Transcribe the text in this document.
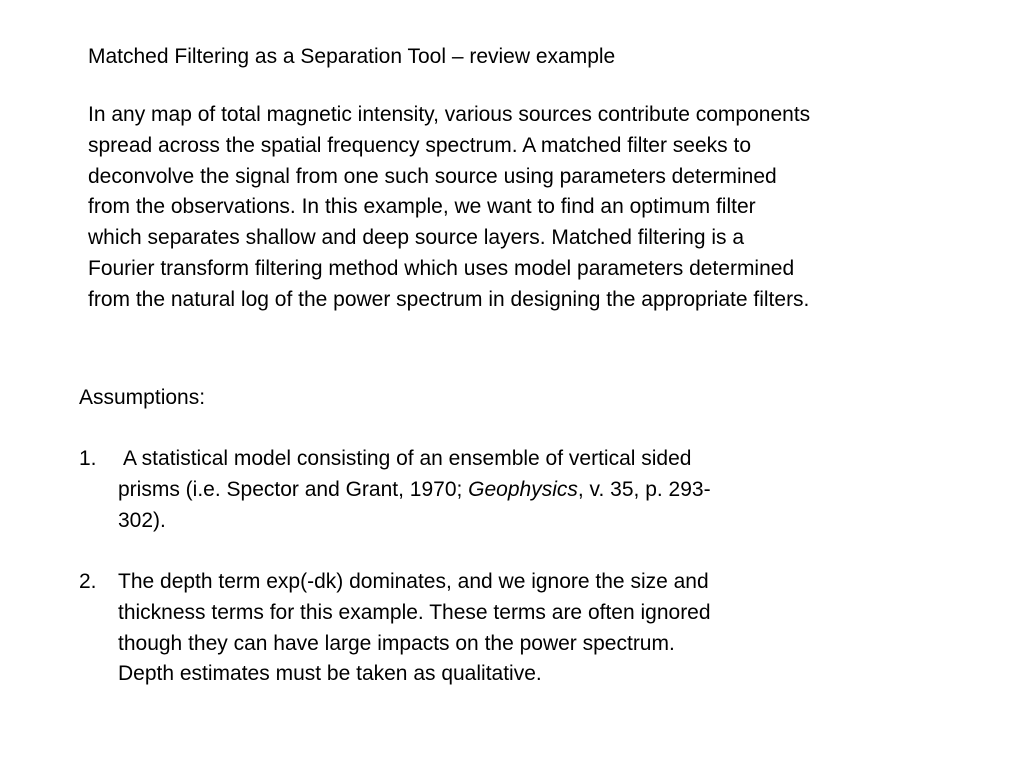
Matched Filtering as a Separation Tool – review example
In any map of total magnetic intensity, various sources contribute components
spread across the spatial frequency spectrum. A matched filter seeks to
deconvolve the signal from one such source using parameters determined
from the observations. In this example, we want to find an optimum filter
which separates shallow and deep source layers. Matched filtering is a
Fourier transform filtering method which uses model parameters determined
from the natural log of the power spectrum in designing the appropriate filters.
Assumptions:
1. A statistical model consisting of an ensemble of vertical sided
prisms (i.e. Spector and Grant, 1970; Geophysics, v. 35, p. 293-
302).
2. The depth term exp(-dk) dominates, and we ignore the size and
thickness terms for this example. These terms are often ignored
though they can have large impacts on the power spectrum.
Depth estimates must be taken as qualitative.
